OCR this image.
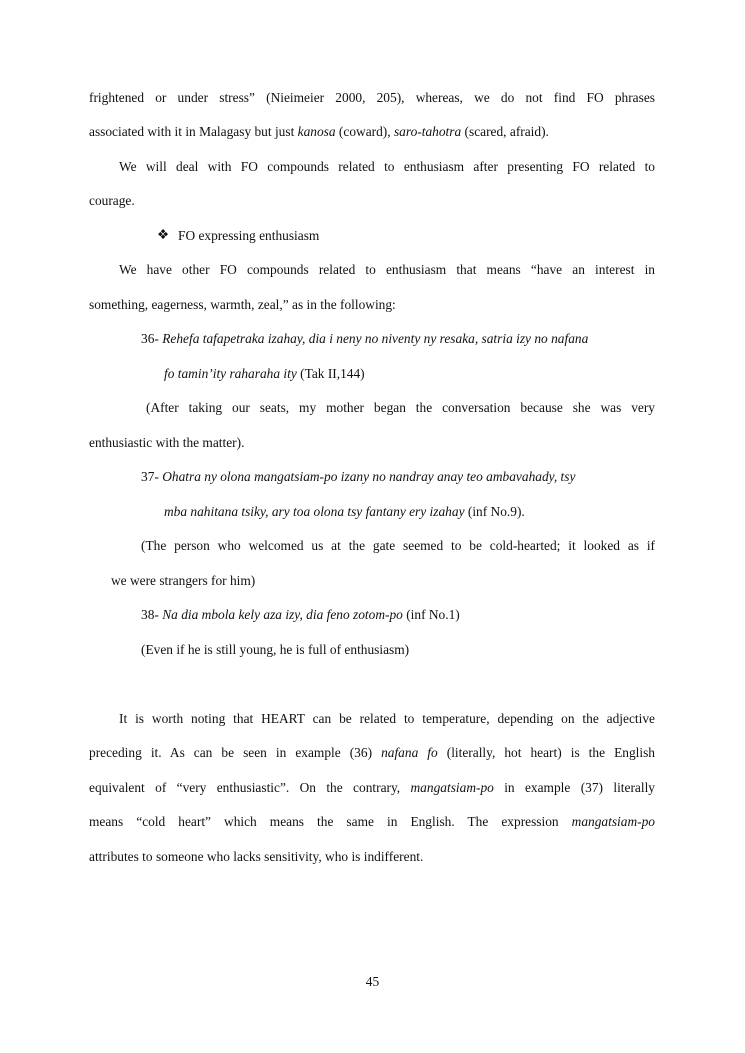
frightened or under stress” (Nieimeier 2000, 205), whereas, we do not find FO phrases
associated with it in Malagasy but just kanosa (coward), saro-tahotra (scared, afraid).
We will deal with FO compounds related to enthusiasm after presenting FO related to
courage.
❖ FO expressing enthusiasm
We have other FO compounds related to enthusiasm that means “have an interest in
something, eagerness, warmth, zeal,” as in the following:
36- Rehefa tafapetraka izahay, dia i neny no niventy ny resaka, satria izy no nafana
fo tamin’ity raharaha ity (Tak II,144)
(After taking our seats, my mother began the conversation because she was very
enthusiastic with the matter).
37- Ohatra ny olona mangatsiam-po izany no nandray anay teo ambavahady, tsy
mba nahitana tsiky, ary toa olona tsy fantany ery izahay (inf No.9).
(The person who welcomed us at the gate seemed to be cold-hearted; it looked as if
we were strangers for him)
38- Na dia mbola kely aza izy, dia feno zotom-po (inf No.1)
(Even if he is still young, he is full of enthusiasm)
It is worth noting that HEART can be related to temperature, depending on the adjective
preceding it. As can be seen in example (36) nafana fo (literally, hot heart) is the English
equivalent of “very enthusiastic”. On the contrary, mangatsiam-po in example (37) literally
means “cold heart” which means the same in English. The expression mangatsiam-po
attributes to someone who lacks sensitivity, who is indifferent.
45
